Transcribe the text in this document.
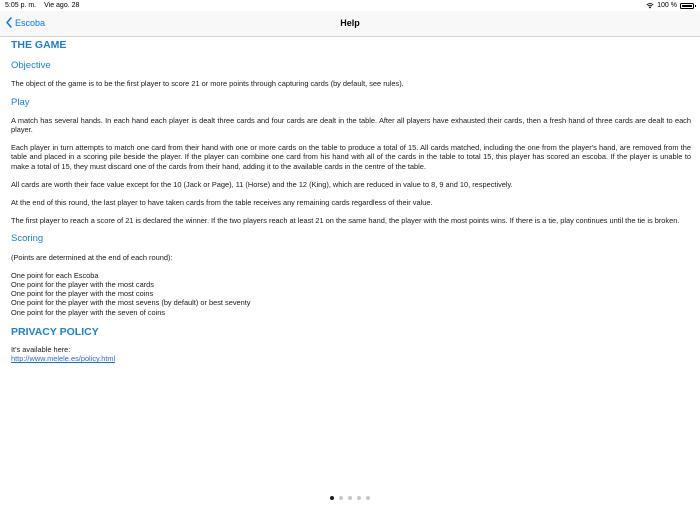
5:05 p. m. Vie ago. 28	100 %
Escoba	Help
THE GAME
Objective

The object of the game is to be the first player to score 21 or more points through capturing cards (by default, see rules).

Play

A match has several hands. In each hand each player is dealt three cards and four cards are dealt in the table. After all players have exhausted their cards, then a fresh hand of three cards are dealt to each player.

Each player in turn attempts to match one card from their hand with one or more cards on the table to produce a total of 15. All cards matched, including the one from the player's hand, are removed from the table and placed in a scoring pile beside the player. If the player can combine one card from his hand with all of the cards in the table to total 15, this player has scored an escoba. If the player is unable to make a total of 15, they must discard one of the cards from their hand, adding it to the available cards in the centre of the table.

All cards are worth their face value except for the 10 (Jack or Page), 11 (Horse) and the 12 (King), which are reduced in value to 8, 9 and 10, respectively.

At the end of this round, the last player to have taken cards from the table receives any remaining cards regardless of their value.

The first player to reach a score of 21 is declared the winner. If the two players reach at least 21 on the same hand, the player with the most points wins. If there is a tie, play continues until the tie is broken.

Scoring

(Points are determined at the end of each round):

One point for each Escoba
One point for the player with the most cards
One point for the player with the most coins
One point for the player with the most sevens (by default) or best seventy
One point for the player with the seven of coins
PRIVACY POLICY
It's available here:
http://www.melele.es/policy.html
